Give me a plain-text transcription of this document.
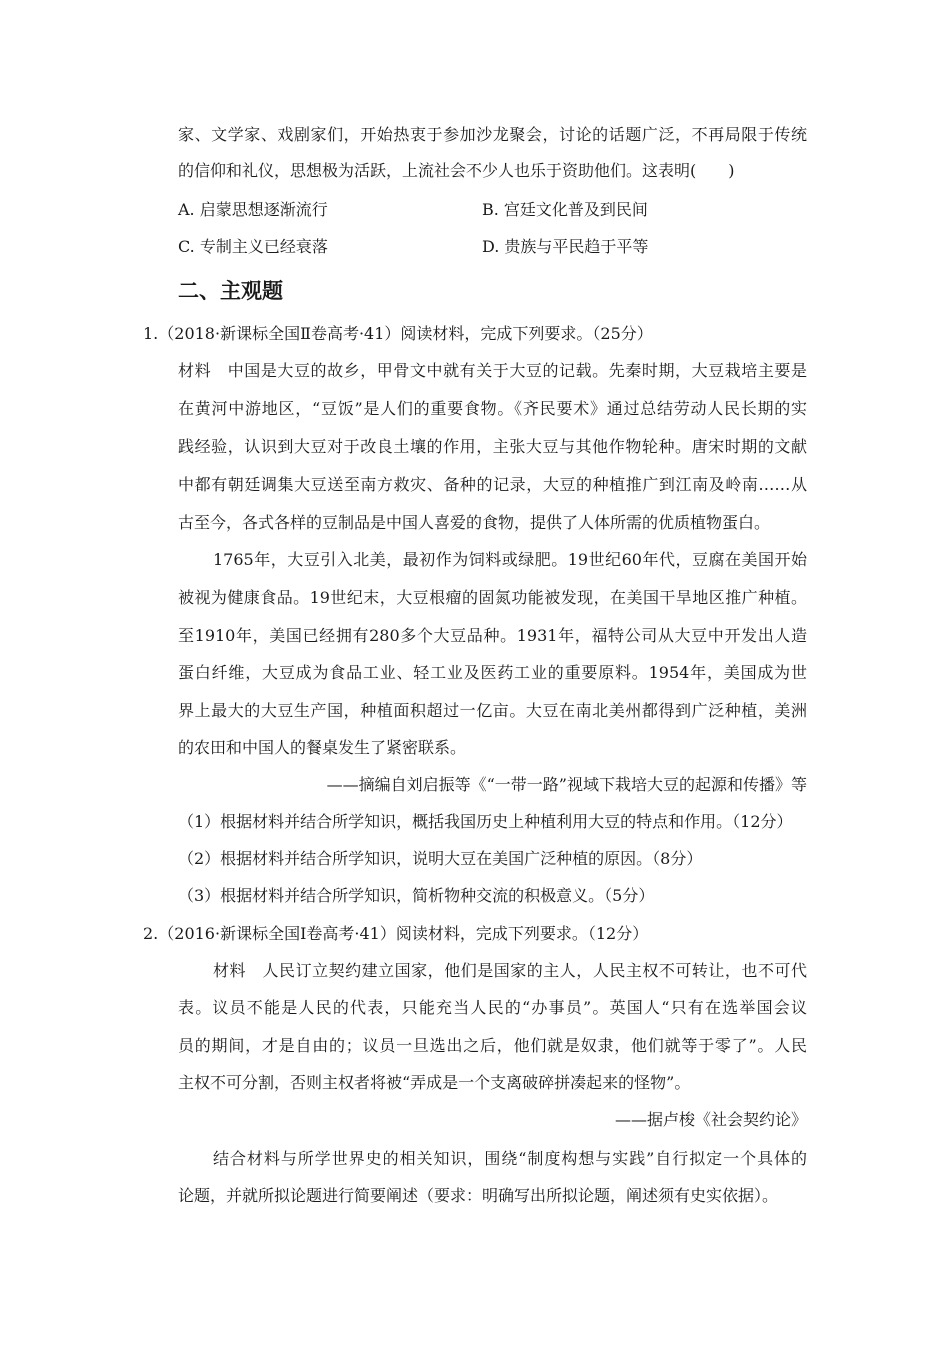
家、文学家、戏剧家们，开始热衷于参加沙龙聚会，讨论的话题广泛，不再局限于传统
的信仰和礼仪，思想极为活跃，上流社会不少人也乐于资助他们。这表明(　　)
A. 启蒙思想逐渐流行	B. 宫廷文化普及到民间
C. 专制主义已经衰落	D. 贵族与平民趋于平等
二、主观题
1.（2018·新课标全国Ⅱ卷高考·41）阅读材料，完成下列要求。（25分）
材料　中国是大豆的故乡，甲骨文中就有关于大豆的记载。先秦时期，大豆栽培主要是
在黄河中游地区，“豆饭”是人们的重要食物。《齐民要术》通过总结劳动人民长期的实
践经验，认识到大豆对于改良土壤的作用，主张大豆与其他作物轮种。唐宋时期的文献
中都有朝廷调集大豆送至南方救灾、备种的记录，大豆的种植推广到江南及岭南……从
古至今，各式各样的豆制品是中国人喜爱的食物，提供了人体所需的优质植物蛋白。
1765年，大豆引入北美，最初作为饲料或绿肥。19世纪60年代，豆腐在美国开始
被视为健康食品。19世纪末，大豆根瘤的固氮功能被发现，在美国干旱地区推广种植。
至1910年，美国已经拥有280多个大豆品种。1931年，福特公司从大豆中开发出人造
蛋白纤维，大豆成为食品工业、轻工业及医药工业的重要原料。1954年，美国成为世
界上最大的大豆生产国，种植面积超过一亿亩。大豆在南北美州都得到广泛种植，美洲
的农田和中国人的餐桌发生了紧密联系。
——摘编自刘启振等《“一带一路”视域下栽培大豆的起源和传播》等
（1）根据材料并结合所学知识，概括我国历史上种植利用大豆的特点和作用。（12分）
（2）根据材料并结合所学知识，说明大豆在美国广泛种植的原因。（8分）
（3）根据材料并结合所学知识，简析物种交流的积极意义。（5分）
2.（2016·新课标全国Ⅰ卷高考·41）阅读材料，完成下列要求。（12分）
材料　人民订立契约建立国家，他们是国家的主人，人民主权不可转让，也不可代
表。议员不能是人民的代表，只能充当人民的“办事员”。英国人“只有在选举国会议
员的期间，才是自由的；议员一旦选出之后，他们就是奴隶，他们就等于零了”。人民
主权不可分割，否则主权者将被“弄成是一个支离破碎拼凑起来的怪物”。
——据卢梭《社会契约论》
结合材料与所学世界史的相关知识，围绕“制度构想与实践”自行拟定一个具体的
论题，并就所拟论题进行简要阐述（要求：明确写出所拟论题，阐述须有史实依据）。
